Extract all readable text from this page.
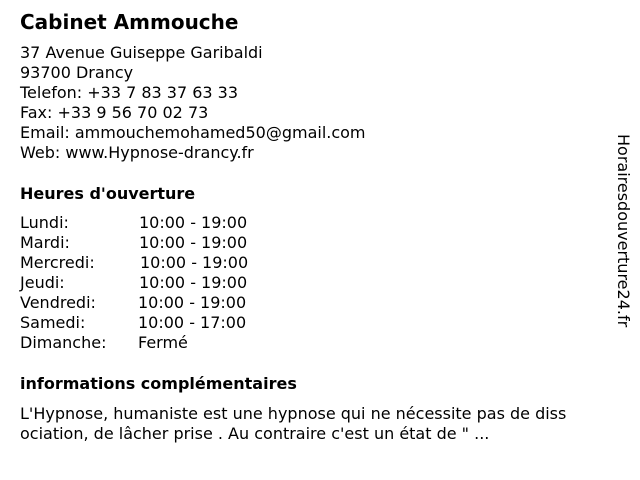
Cabinet Ammouche
37 Avenue Guiseppe Garibaldi
93700 Drancy
Telefon: +33 7 83 37 63 33
Fax: +33 9 56 70 02 73
Email: ammouchemohamed50@gmail.com
Web: www.Hypnose-drancy.fr
Heures d'ouverture
Lundi:	10:00 - 19:00
Mardi:	10:00 - 19:00
Mercredi:	10:00 - 19:00
Jeudi:	10:00 - 19:00
Vendredi:	10:00 - 19:00
Samedi:	10:00 - 17:00
Dimanche: Fermé
informations complémentaires
L'Hypnose, humaniste est une hypnose qui ne nécessite pas de diss
ociation, de lâcher prise . Au contraire c'est un état de " ...
Horairesdouverture24.fr
